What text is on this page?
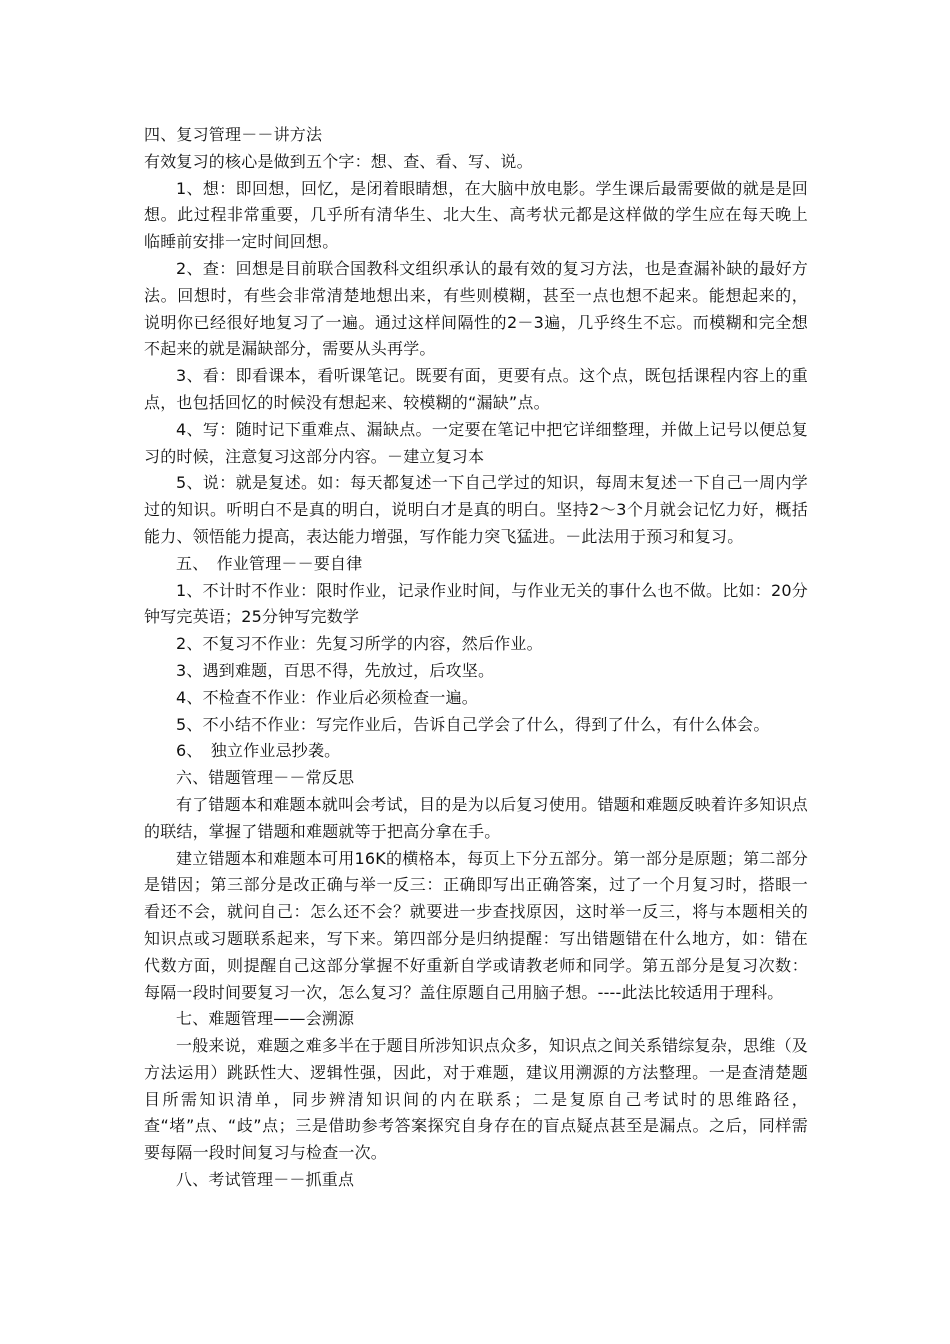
四、复习管理－－讲方法

有效复习的核心是做到五个字：想、查、看、写、说。

1、想：即回想，回忆，是闭着眼睛想，在大脑中放电影。学生课后最需要做的就是是回想。此过程非常重要，几乎所有清华生、北大生、高考状元都是这样做的学生应在每天晚上临睡前安排一定时间回想。

2、查：回想是目前联合国教科文组织承认的最有效的复习方法，也是查漏补缺的最好方法。回想时，有些会非常清楚地想出来，有些则模糊，甚至一点也想不起来。能想起来的，说明你已经很好地复习了一遍。通过这样间隔性的2－3遍，几乎终生不忘。而模糊和完全想不起来的就是漏缺部分，需要从头再学。

3、看：即看课本，看听课笔记。既要有面，更要有点。这个点，既包括课程内容上的重点，也包括回忆的时候没有想起来、较模糊的“漏缺”点。

4、写：随时记下重难点、漏缺点。一定要在笔记中把它详细整理，并做上记号以便总复习的时候，注意复习这部分内容。－建立复习本

5、说：就是复述。如：每天都复述一下自己学过的知识，每周末复述一下自己一周内学过的知识。听明白不是真的明白，说明白才是真的明白。坚持2～3个月就会记忆力好，概括能力、领悟能力提高，表达能力增强，写作能力突飞猛进。－此法用于预习和复习。

五、　作业管理－－要自律

1、不计时不作业：限时作业，记录作业时间，与作业无关的事什么也不做。比如：20分钟写完英语；25分钟写完数学

2、不复习不作业：先复习所学的内容，然后作业。

3、遇到难题，百思不得，先放过，后攻坚。

4、不检查不作业：作业后必须检查一遍。

5、不小结不作业：写完作业后，告诉自己学会了什么，得到了什么，有什么体会。

6、　独立作业忌抄袭。

六、错题管理－－常反思

有了错题本和难题本就叫会考试，目的是为以后复习使用。错题和难题反映着许多知识点的联结，掌握了错题和难题就等于把高分拿在手。

建立错题本和难题本可用16K的横格本，每页上下分五部分。第一部分是原题；第二部分是错因；第三部分是改正确与举一反三：正确即写出正确答案，过了一个月复习时，搭眼一看还不会，就问自己：怎么还不会？就要进一步查找原因，这时举一反三，将与本题相关的知识点或习题联系起来，写下来。第四部分是归纳提醒：写出错题错在什么地方，如：错在代数方面，则提醒自己这部分掌握不好重新自学或请教老师和同学。第五部分是复习次数：每隔一段时间要复习一次，怎么复习？盖住原题自己用脑子想。----此法比较适用于理科。

七、难题管理——会溯源

一般来说，难题之难多半在于题目所涉知识点众多，知识点之间关系错综复杂，思维（及方法运用）跳跃性大、逻辑性强，因此，对于难题，建议用溯源的方法整理。一是查清楚题目所需知识清单，同步辨清知识间的内在联系；二是复原自己考试时的思维路径，查“堵”点、“歧”点；三是借助参考答案探究自身存在的盲点疑点甚至是漏点。之后，同样需要每隔一段时间复习与检查一次。

八、考试管理－－抓重点
